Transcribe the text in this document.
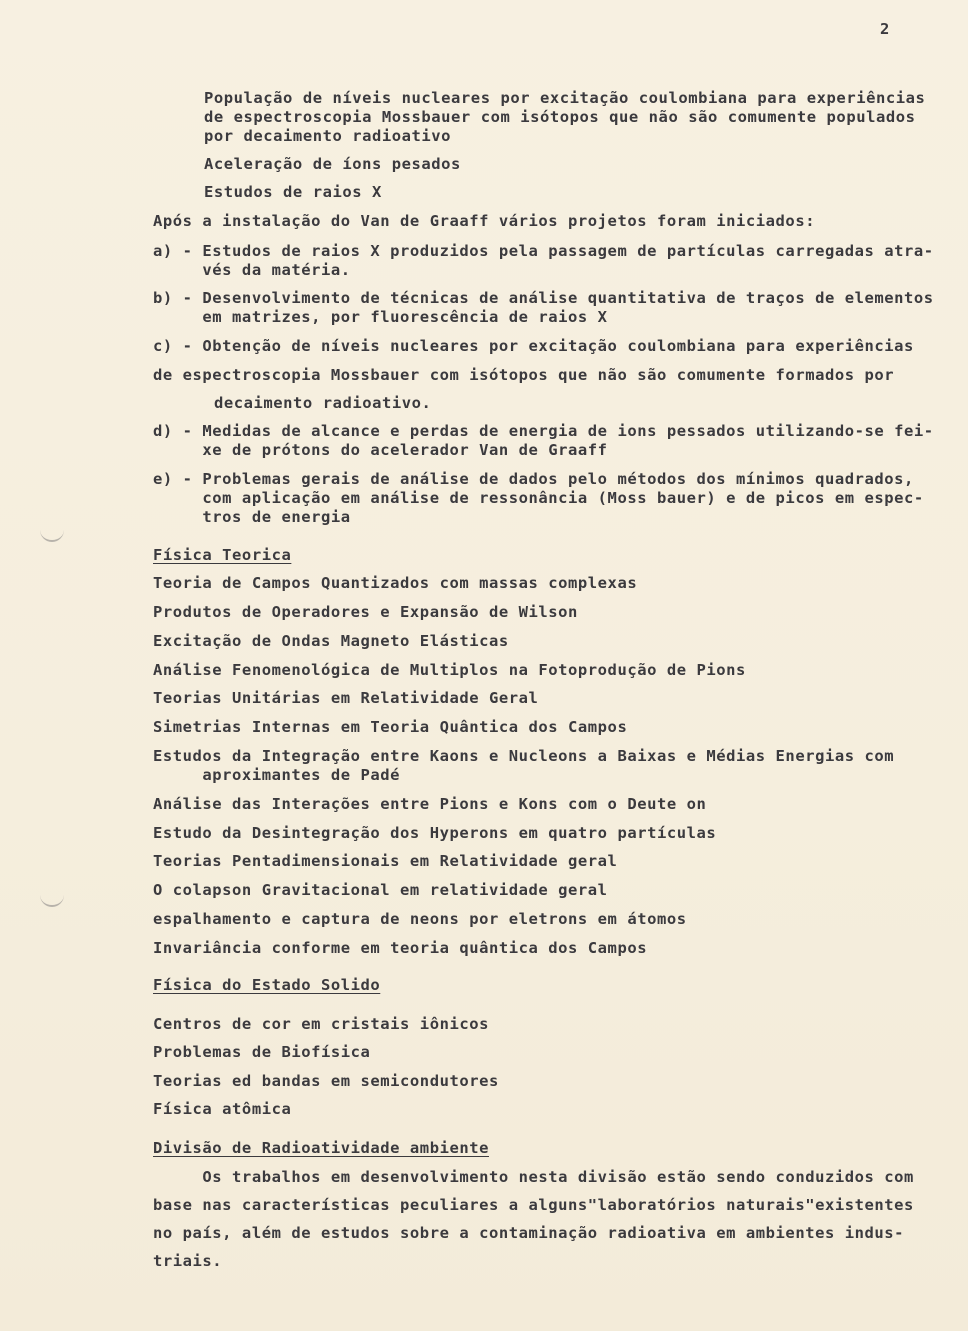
2

População de níveis nucleares por excitação coulombiana para experiências

de espectroscopia Mossbauer com isótopos que não são comumente populados

por decaimento radioativo

Aceleração de íons pesados

Estudos de raios X

Após a instalação do Van de Graaff vários projetos foram iniciados:

a) - Estudos de raios X produzidos pela passagem de partículas carregadas atra-

vés da matéria.

b) - Desenvolvimento de técnicas de análise quantitativa de traços de elementos

em matrizes, por fluorescência de raios X

c) - Obtenção de níveis nucleares por excitação coulombiana para experiências

de espectroscopia Mossbauer com isótopos que não são comumente formados por

decaimento radioativo.

d) - Medidas de alcance e perdas de energia de ions pessados utilizando-se fei-

xe de prótons do acelerador Van de Graaff

e) - Problemas gerais de análise de dados pelo métodos dos mínimos quadrados,

com aplicação em análise de ressonância (Moss bauer) e de picos em espec-

tros de energia

Física Teorica

Teoria de Campos Quantizados com massas complexas

Produtos de Operadores e Expansão de Wilson

Excitação de Ondas Magneto Elásticas

Análise Fenomenológica de Multiplos na Fotoprodução de Pions

Teorias Unitárias em Relatividade Geral

Simetrias Internas em Teoria Quântica dos Campos

Estudos da Integração entre Kaons e Nucleons a Baixas e Médias Energias com

aproximantes de Padé

Análise das Interações entre Pions e Kons com o Deute on

Estudo da Desintegração dos Hyperons em quatro partículas

Teorias Pentadimensionais em Relatividade geral

O colapson Gravitacional em relatividade geral

espalhamento e captura de neons por eletrons em átomos

Invariância conforme em teoria quântica dos Campos

Física do Estado Solido

Centros de cor em cristais iônicos

Problemas de Biofísica

Teorias ed bandas em semicondutores

Física atômica

Divisão de Radioatividade ambiente

Os trabalhos em desenvolvimento nesta divisão estão sendo conduzidos com

base nas características peculiares a alguns"laboratórios naturais"existentes

no país, além de estudos sobre a contaminação radioativa em ambientes indus-

triais.
